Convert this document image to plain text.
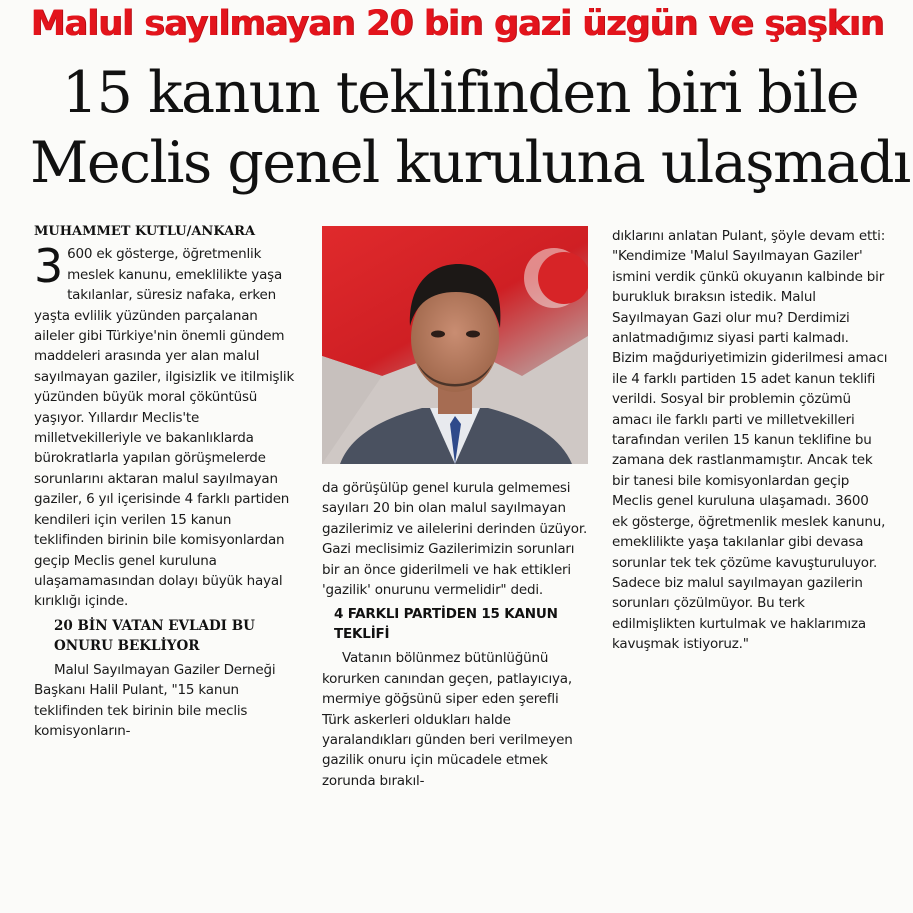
Malul sayılmayan 20 bin gazi üzgün ve şaşkın
15 kanun teklifinden biri bile
Meclis genel kuruluna ulaşmadı
MUHAMMET KUTLU/ANKARA

3 600 ek gösterge, öğretmenlik meslek kanunu, emeklilikte yaşa takılanlar, süresiz nafaka, erken yaşta evlilik yüzünden parçalanan aileler gibi Türkiye'nin önemli gündem maddeleri arasında yer alan malul sayılmayan gaziler, ilgisizlik ve itilmişlik yüzünden büyük moral çöküntüsü yaşıyor. Yıllardır Meclis'te milletvekilleriyle ve bakanlıklarda bürokratlarla yapılan görüşmelerde sorunlarını aktaran malul sayılmayan gaziler, 6 yıl içerisinde 4 farklı partiden kendileri için verilen 15 kanun teklifinden birinin bile komisyonlardan geçip Meclis genel kuruluna ulaşamamasından dolayı büyük hayal kırıklığı içinde.

20 BİN VATAN EVLADI BU ONURU BEKLİYOR

Malul Sayılmayan Gaziler Derneği Başkanı Halil Pulant, "15 kanun teklifinden tek birinin bile meclis komisyonların-

da görüşülüp genel kurula gelmemesi sayıları 20 bin olan malul sayılmayan gazilerimiz ve ailelerini derinden üzüyor. Gazi meclisimiz Gazilerimizin sorunları bir an önce giderilmeli ve hak ettikleri 'gazilik' onurunu vermelidir" dedi.

4 FARKLI PARTİDEN 15 KANUN TEKLİFİ

Vatanın bölünmez bütünlüğünü korurken canından geçen, patlayıcıya, mermiye göğsünü siper eden şerefli Türk askerleri oldukları halde yaralandıkları günden beri verilmeyen gazilik onuru için mücadele etmek zorunda bırakıl-

dıklarını anlatan Pulant, şöyle devam etti: "Kendimize 'Malul Sayılmayan Gaziler' ismini verdik çünkü okuyanın kalbinde bir burukluk bıraksın istedik. Malul Sayılmayan Gazi olur mu? Derdimizi anlatmadığımız siyasi parti kalmadı. Bizim mağduriyetimizin giderilmesi amacı ile 4 farklı partiden 15 adet kanun teklifi verildi. Sosyal bir problemin çözümü amacı ile farklı parti ve milletvekilleri tarafından verilen 15 kanun teklifine bu zamana dek rastlanmamıştır. Ancak tek bir tanesi bile komisyonlardan geçip Meclis genel kuruluna ulaşamadı. 3600 ek gösterge, öğretmenlik meslek kanunu, emeklilikte yaşa takılanlar gibi devasa sorunlar tek tek çözüme kavuşturuluyor. Sadece biz malul sayılmayan gazilerin sorunları çözülmüyor. Bu terk edilmişlikten kurtulmak ve haklarımıza kavuşmak istiyoruz."
